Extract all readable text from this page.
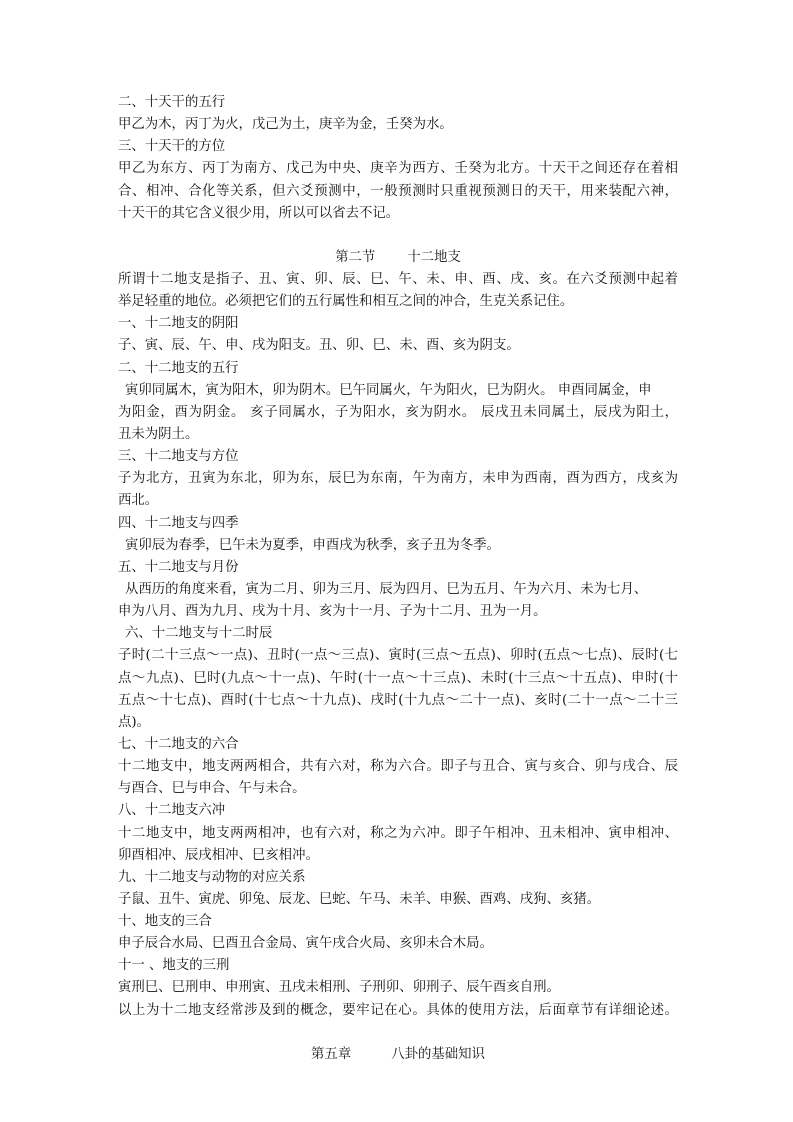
二、十天干的五行
甲乙为木，丙丁为火，戊己为土，庚辛为金，壬癸为水。
三、十天干的方位
甲乙为东方、丙丁为南方、戊己为中央、庚辛为西方、壬癸为北方。十天干之间还存在着相
合、相冲、合化等关系，但六爻预测中，一般预测时只重视预测日的天干，用来装配六神，
十天干的其它含义很少用，所以可以省去不记。
第二节 十二地支
所谓十二地支是指子、丑、寅、卯、辰、巳、午、未、申、酉、戌、亥。在六爻预测中起着
举足轻重的地位。必须把它们的五行属性和相互之间的冲合，生克关系记住。
一、十二地支的阴阳
子、寅、辰、午、申、戌为阳支。丑、卯、巳、未、酉、亥为阴支。
二、十二地支的五行
寅卯同属木，寅为阳木，卯为阴木。巳午同属火，午为阳火，巳为阴火。 申酉同属金，申
为阳金，酉为阴金。 亥子同属水，子为阳水，亥为阴水。 辰戌丑未同属土，辰戌为阳土，
丑未为阴土。
三、十二地支与方位
子为北方，丑寅为东北，卯为东，辰巳为东南，午为南方，未申为西南，酉为西方，戌亥为
西北。
四、十二地支与四季
寅卯辰为春季，巳午未为夏季，申酉戌为秋季，亥子丑为冬季。
五、十二地支与月份
从西历的角度来看，寅为二月、卯为三月、辰为四月、巳为五月、午为六月、未为七月、
申为八月、酉为九月、戌为十月、亥为十一月、子为十二月、丑为一月。
六、十二地支与十二时辰
子时(二十三点～一点)、丑时(一点～三点)、寅时(三点～五点)、卯时(五点～七点)、辰时(七
点～九点)、巳时(九点～十一点)、午时(十一点～十三点)、未时(十三点～十五点)、申时(十
五点～十七点)、酉时(十七点～十九点)、戌时(十九点～二十一点)、亥时(二十一点～二十三
点)。
七、十二地支的六合
十二地支中，地支两两相合，共有六对，称为六合。即子与丑合、寅与亥合、卯与戌合、辰
与酉合、巳与申合、午与未合。
八、十二地支六冲
十二地支中，地支两两相冲，也有六对，称之为六冲。即子午相冲、丑未相冲、寅申相冲、
卯酉相冲、辰戌相冲、巳亥相冲。
九、十二地支与动物的对应关系
子鼠、丑牛、寅虎、卯兔、辰龙、巳蛇、午马、未羊、申猴、酉鸡、戌狗、亥猪。
十、地支的三合
申子辰合水局、巳酉丑合金局、寅午戌合火局、亥卯未合木局。
十一 、地支的三刑
寅刑巳、巳刑申、申刑寅、丑戌未相刑、子刑卯、卯刑子、辰午酉亥自刑。
以上为十二地支经常涉及到的概念，要牢记在心。具体的使用方法，后面章节有详细论述。
第五章	八卦的基础知识
